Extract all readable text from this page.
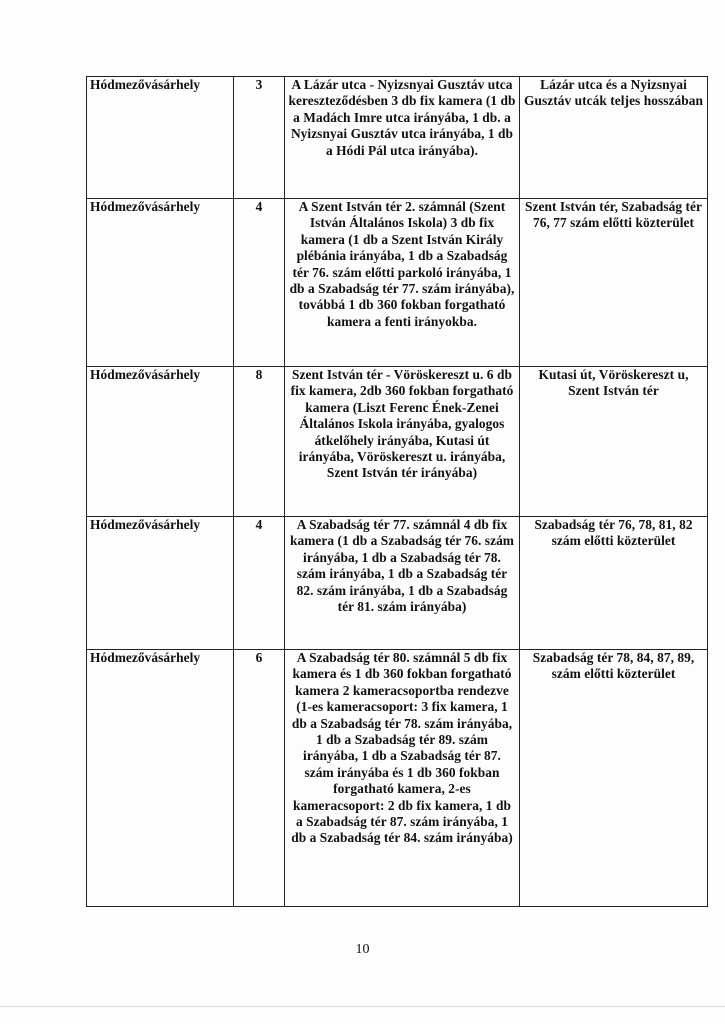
Hódmezővásárhely	3	A Lázár utca - Nyizsnyai Gusztáv utca kereszteződésben 3 db fix kamera (1 db a Madách Imre utca irányába, 1 db. a Nyizsnyai Gusztáv utca irányába, 1 db a Hódi Pál utca irányába).	Lázár utca és a Nyizsnyai Gusztáv utcák teljes hosszában
Hódmezővásárhely	4	A Szent István tér 2. számnál (Szent István Általános Iskola) 3 db fix kamera (1 db a Szent István Király plébánia irányába, 1 db a Szabadság tér 76. szám előtti parkoló irányába, 1 db a Szabadság tér 77. szám irányába), továbbá 1 db 360 fokban forgatható kamera a fenti irányokba.	Szent István tér, Szabadság tér 76, 77 szám előtti közterület
Hódmezővásárhely	8	Szent István tér - Vöröskereszt u. 6 db fix kamera, 2db 360 fokban forgatható kamera (Liszt Ferenc Ének-Zenei Általános Iskola irányába, gyalogos átkelőhely irányába, Kutasi út irányába, Vöröskereszt u. irányába, Szent István tér irányába)	Kutasi út, Vöröskereszt u, Szent István tér
Hódmezővásárhely	4	A Szabadság tér 77. számnál 4 db fix kamera (1 db a Szabadság tér 76. szám irányába, 1 db a Szabadság tér 78. szám irányába, 1 db a Szabadság tér 82. szám irányába, 1 db a Szabadság tér 81. szám irányába)	Szabadság tér 76, 78, 81, 82 szám előtti közterület
Hódmezővásárhely	6	A Szabadság tér 80. számnál 5 db fix kamera és 1 db 360 fokban forgatható kamera 2 kameracsoportba rendezve (1-es kameracsoport: 3 fix kamera, 1 db a Szabadság tér 78. szám irányába, 1 db a Szabadság tér 89. szám irányába, 1 db a Szabadság tér 87. szám irányába és 1 db 360 fokban forgatható kamera, 2-es kameracsoport: 2 db fix kamera, 1 db a Szabadság tér 87. szám irányába, 1 db a Szabadság tér 84. szám irányába)	Szabadság tér 78, 84, 87, 89, szám előtti közterület
10
